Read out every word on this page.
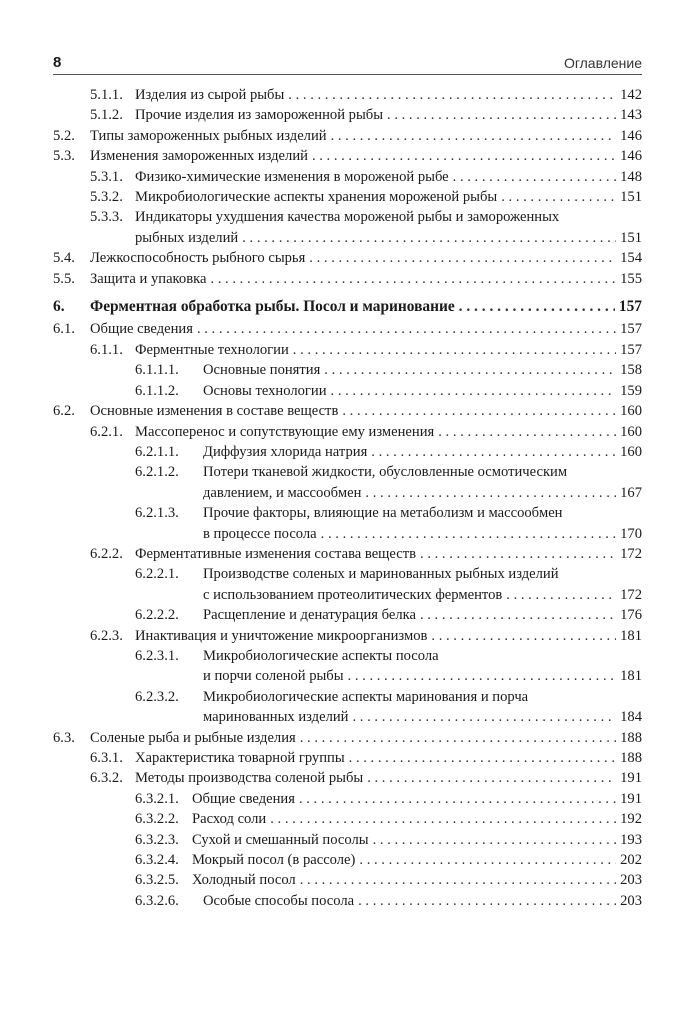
8	Оглавление
5.1.1. Изделия из сырой рыбы . . .	142
5.1.2. Прочие изделия из замороженной рыбы . . .	143
5.2. Типы замороженных рыбных изделий . . .	146
5.3. Изменения замороженных изделий . . .	146
5.3.1. Физико-химические изменения в мороженой рыбе . . .	148
5.3.2. Микробиологические аспекты хранения мороженой рыбы . . .	151
5.3.3. Индикаторы ухудшения качества мороженой рыбы и замороженных
рыбных изделий . . .	151
5.4. Лежкоспособность рыбного сырья . . .	154
5.5. Защита и упаковка . . .	155
6. Ферментная обработка рыбы. Посол и маринование . . .	157
6.1. Общие сведения . . .	157
6.1.1. Ферментные технологии . . .	157
6.1.1.1. Основные понятия . . .	158
6.1.1.2. Основы технологии . . .	159
6.2. Основные изменения в составе веществ . . .	160
6.2.1. Массоперенос и сопутствующие ему изменения . . .	160
6.2.1.1. Диффузия хлорида натрия . . .	160
6.2.1.2. Потери тканевой жидкости, обусловленные осмотическим
давлением, и массообмен . . .	167
6.2.1.3. Прочие факторы, влияющие на метаболизм и массообмен
в процессе посола . . .	170
6.2.2. Ферментативные изменения состава веществ . . .	172
6.2.2.1. Производстве соленых и маринованных рыбных изделий
с использованием протеолитических ферментов . . .	172
6.2.2.2. Расщепление и денатурация белка . . .	176
6.2.3. Инактивация и уничтожение микроорганизмов . . .	181
6.2.3.1. Микробиологические аспекты посола
и порчи соленой рыбы . . .	181
6.2.3.2. Микробиологические аспекты маринования и порча
маринованных изделий . . .	184
6.3. Соленые рыба и рыбные изделия . . .	188
6.3.1. Характеристика товарной группы . . .	188
6.3.2. Методы производства соленой рыбы . . .	191
6.3.2.1. Общие сведения . . .	191
6.3.2.2. Расход соли . . .	192
6.3.2.3. Сухой и смешанный посолы . . .	193
6.3.2.4. Мокрый посол (в рассоле) . . .	202
6.3.2.5. Холодный посол . . .	203
6.3.2.6. Особые способы посола . . .	203
